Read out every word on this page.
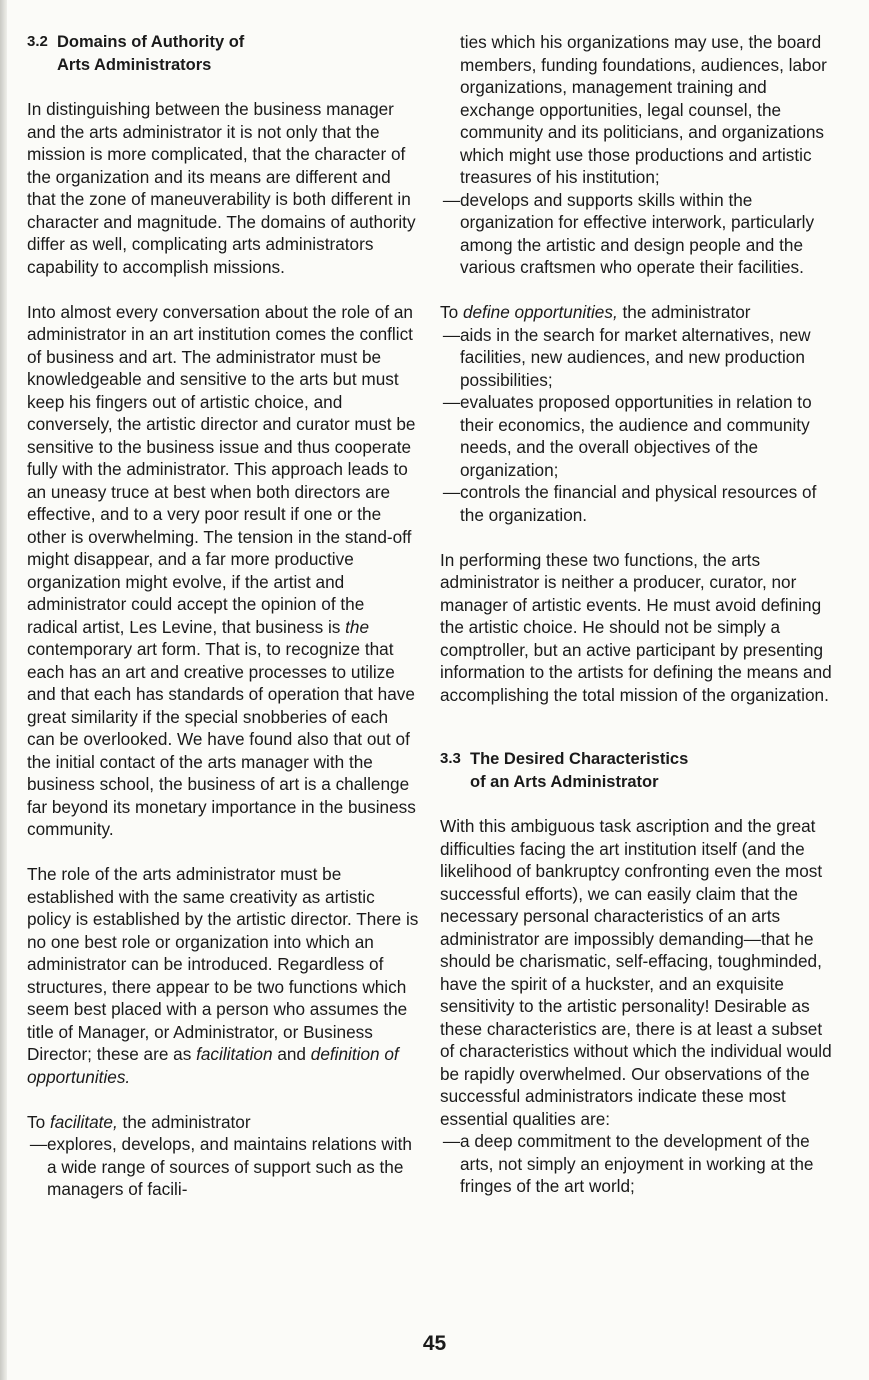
3.2 Domains of Authority of
Arts Administrators

In distinguishing between the business manager and the arts administrator it is not only that the mission is more complicated, that the character of the organization and its means are different and that the zone of maneuverability is both different in character and magnitude. The domains of authority differ as well, complicating arts administrators capability to accomplish missions.

Into almost every conversation about the role of an administrator in an art institution comes the conflict of business and art. The administrator must be knowledgeable and sensitive to the arts but must keep his fingers out of artistic choice, and conversely, the artistic director and curator must be sensitive to the business issue and thus cooperate fully with the administrator. This approach leads to an uneasy truce at best when both directors are effective, and to a very poor result if one or the other is overwhelming. The tension in the stand-off might disappear, and a far more productive organization might evolve, if the artist and administrator could accept the opinion of the radical artist, Les Levine, that business is the contemporary art form. That is, to recognize that each has an art and creative processes to utilize and that each has standards of operation that have great similarity if the special snobberies of each can be overlooked. We have found also that out of the initial contact of the arts manager with the business school, the business of art is a challenge far beyond its monetary importance in the business community.

The role of the arts administrator must be established with the same creativity as artistic policy is established by the artistic director. There is no one best role or organization into which an administrator can be introduced. Regardless of structures, there appear to be two functions which seem best placed with a person who assumes the title of Manager, or Administrator, or Business Director; these are as facilitation and definition of opportunities.

To facilitate, the administrator

— explores, develops, and maintains relations with a wide range of sources of support such as the managers of facili-
ties which his organizations may use, the board members, funding foundations, audiences, labor organizations, management training and exchange opportunities, legal counsel, the community and its politicians, and organizations which might use those productions and artistic treasures of his institution;
— develops and supports skills within the organization for effective interwork, particularly among the artistic and design people and the various craftsmen who operate their facilities.

To define opportunities, the administrator

— aids in the search for market alternatives, new facilities, new audiences, and new production possibilities;
— evaluates proposed opportunities in relation to their economics, the audience and community needs, and the overall objectives of the organization;
— controls the financial and physical resources of the organization.

In performing these two functions, the arts administrator is neither a producer, curator, nor manager of artistic events. He must avoid defining the artistic choice. He should not be simply a comptroller, but an active participant by presenting information to the artists for defining the means and accomplishing the total mission of the organization.

3.3 The Desired Characteristics
of an Arts Administrator

With this ambiguous task ascription and the great difficulties facing the art institution itself (and the likelihood of bankruptcy confronting even the most successful efforts), we can easily claim that the necessary personal characteristics of an arts administrator are impossibly demanding—that he should be charismatic, self-effacing, toughminded, have the spirit of a huckster, and an exquisite sensitivity to the artistic personality! Desirable as these characteristics are, there is at least a subset of characteristics without which the individual would be rapidly overwhelmed. Our observations of the successful administrators indicate these most essential qualities are:

— a deep commitment to the development of the arts, not simply an enjoyment in working at the fringes of the art world;
45
